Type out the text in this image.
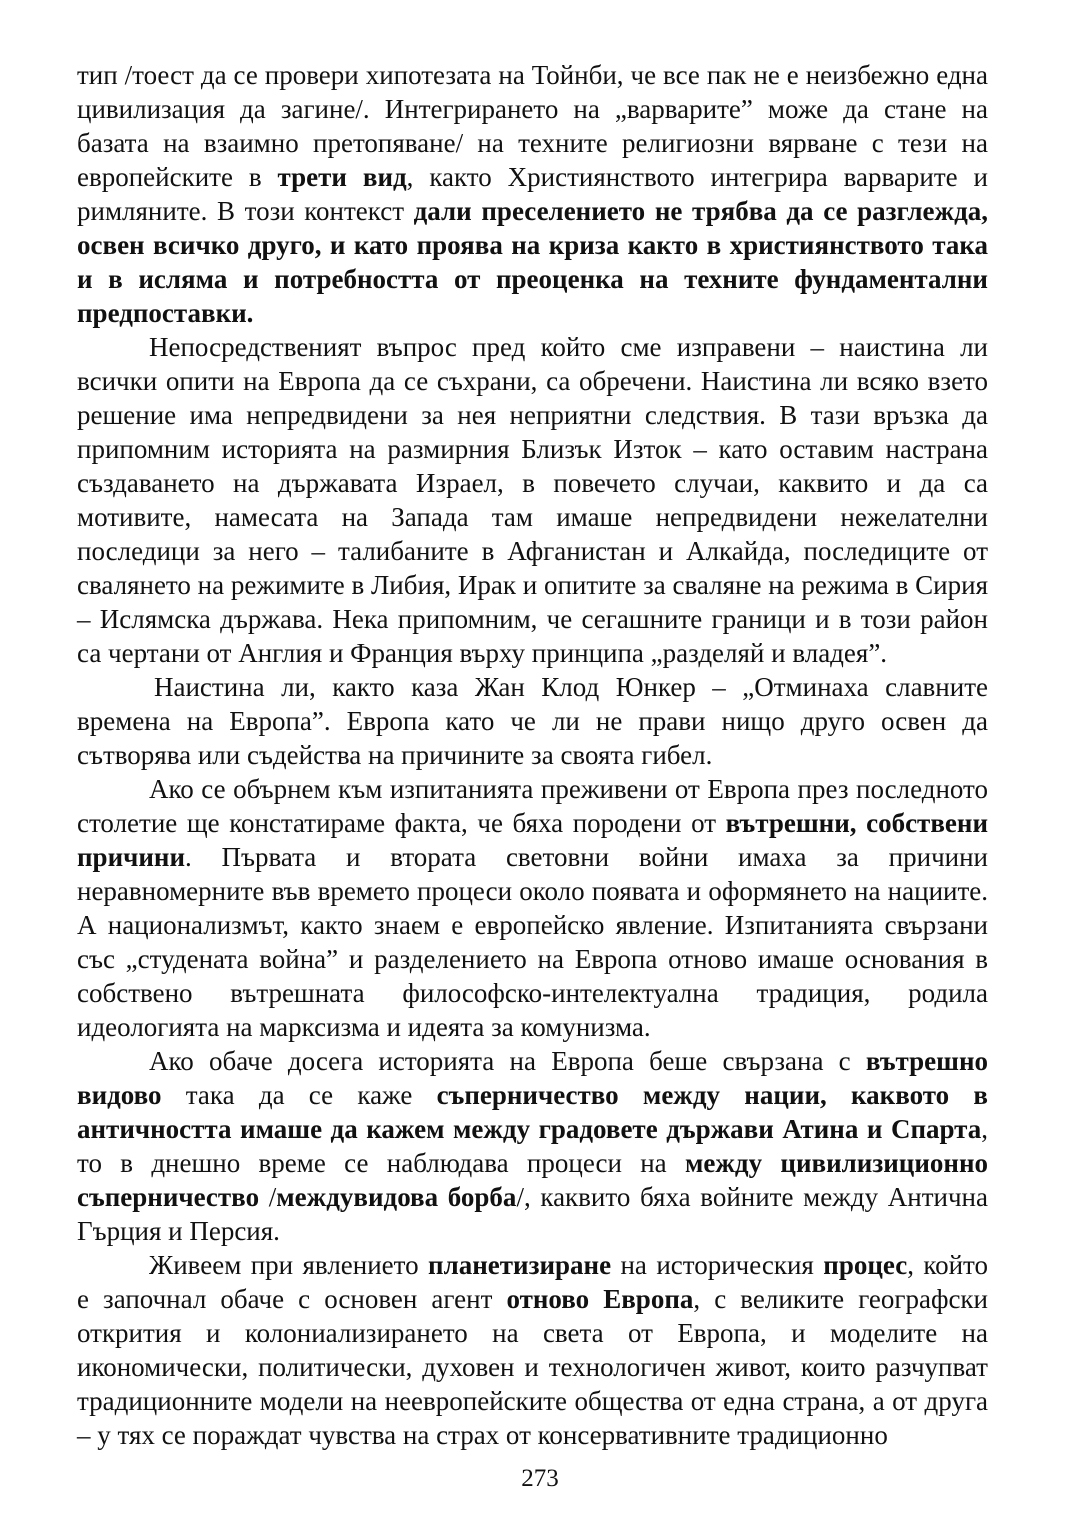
тип /тоест да се провери хипотезата на Тойнби, че все пак не е неизбежно една цивилизация да загине/. Интегрирането на „варварите” може да стане на базата на взаимно претопяване/ на техните религиозни вярване с тези на европейските в трети вид, както Християнството интегрира варварите и римляните. В този контекст дали преселението не трябва да се разглежда, освен всичко друго, и като проява на криза както в християнството така и в исляма и потребността от преоценка на техните фундаментални предпоставки.

Непосредственият въпрос пред който сме изправени – наистина ли всички опити на Европа да се съхрани, са обречени. Наистина ли всяко взето решение има непредвидени за нея неприятни следствия. В тази връзка да припомним историята на размирния Близък Изток – като оставим настрана създаването на държавата Израел, в повечето случаи, каквито и да са мотивите, намесата на Запада там имаше непредвидени нежелателни последици за него – талибаните в Афганистан и Алкайда, последиците от свалянето на режимите в Либия, Ирак и опитите за сваляне на режима в Сирия – Ислямска държава. Нека припомним, че сегашните граници и в този район са чертани от Англия и Франция върху принципа „разделяй и владея”.

Наистина ли, както каза Жан Клод Юнкер – „Отминаха славните времена на Европа”. Европа като че ли не прави нищо друго освен да сътворява или съдейства на причините за своята гибел.

Ако се обърнем към изпитанията преживени от Европа през последното столетие ще констатираме факта, че бяха породени от вътрешни, собствени причини. Първата и втората световни войни имаха за причини неравномерните във времето процеси около появата и оформянето на нациите. А национализмът, както знаем е европейско явление. Изпитанията свързани със „студената война” и разделението на Европа отново имаше основания в собствено вътрешната философско-интелектуална традиция, родила идеологията на марксизма и идеята за комунизма.

Ако обаче досега историята на Европа беше свързана с вътрешно видово така да се каже съперничество между нации, каквото в античността имаше да кажем между градовете държави Атина и Спарта, то в днешно време се наблюдава процеси на между цивилизиционно съперничество /междувидова борба/, каквито бяха войните между Антична Гърция и Персия.

Живеем при явлението планетизиране на историческия процес, който е започнал обаче с основен агент отново Европа, с великите географски открития и колониализирането на света от Европа, и моделите на икономически, политически, духовен и технологичен живот, които разчупват традиционните модели на неевропейските общества от една страна, а от друга – у тях се пораждат чувства на страх от консервативните традиционно

273
